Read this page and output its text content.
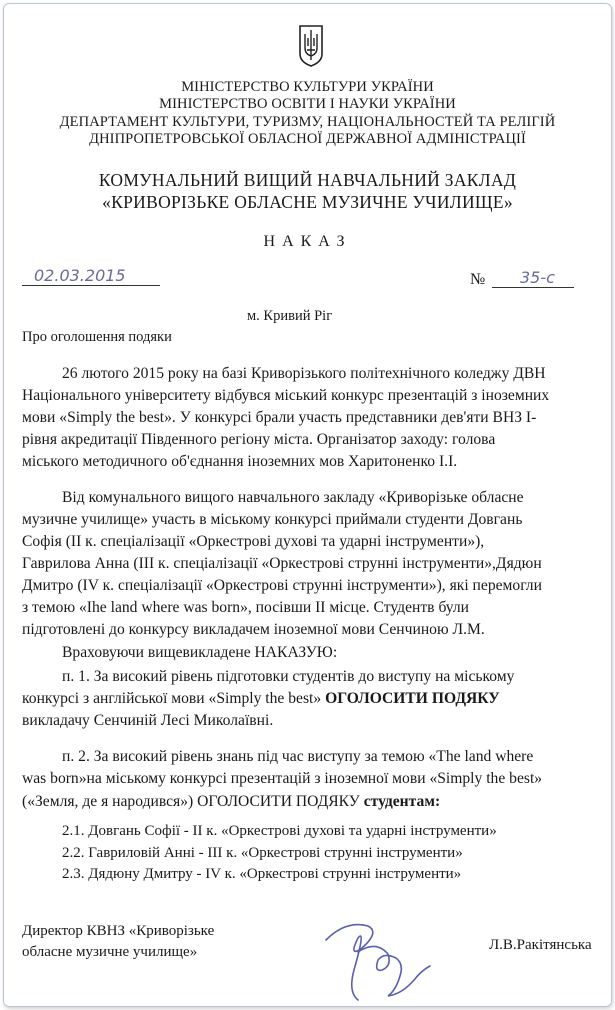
МІНІСТЕРСТВО КУЛЬТУРИ УКРАЇНИ
МІНІСТЕРСТВО ОСВІТИ І НАУКИ УКРАЇНИ
ДЕПАРТАМЕНТ КУЛЬТУРИ, ТУРИЗМУ, НАЦІОНАЛЬНОСТЕЙ ТА РЕЛІГІЙ
ДНІПРОПЕТРОВСЬКОЇ ОБЛАСНОЇ ДЕРЖАВНОЇ АДМІНІСТРАЦІЇ
КОМУНАЛЬНИЙ ВИЩИЙ НАВЧАЛЬНИЙ ЗАКЛАД
«КРИВОРІЗЬКЕ ОБЛАСНЕ МУЗИЧНЕ УЧИЛИЩЕ»
НАКАЗ
02.03.2015	№ 35-с
м. Кривий Ріг
Про оголошення подяки
26 лютого 2015 року на базі Криворізького політехнічного коледжу ДВН
Національного університету відбувся міський конкурс презентацій з іноземних
мови «Simply the best». У конкурсі брали участь представники дев'яти ВНЗ І-
рівня акредитації Південного регіону міста. Організатор заходу: голова
міського методичного об'єднання іноземних мов Харитоненко І.І.
Від комунального вищого навчального закладу «Криворізьке обласне
музичне училище» участь в міському конкурсі приймали студенти Довгань
Софія (ІІ к. спеціалізації «Оркестрові духові та ударні інструменти»),
Гаврилова Анна (ІІІ к. спеціалізації «Оркестрові струнні інструменти»,Дядюн
Дмитро (IV к. спеціалізації «Оркестрові струнні інструменти»), які перемогли
з темою «Ihe land where was born», посівши ІІ місце. Студентв були
підготовлені до конкурсу викладачем іноземної мови Сенчиною Л.М.
Враховуючи вищевикладене НАКАЗУЮ:
п. 1. За високий рівень підготовки студентів до виступу на міському
конкурсі з англійської мови «Simply the best» ОГОЛОСИТИ ПОДЯКУ
викладачу Сенчиній Лесі Миколаївні.
п. 2. За високий рівень знань під час виступу за темою «The land where
was born»на міському конкурсі презентацій з іноземної мови «Simply the best»
(«Земля, де я народився») ОГОЛОСИТИ ПОДЯКУ студентам:
2.1. Довгань Софії - ІІ к. «Оркестрові духові та ударні інструменти»
2.2. Гавриловій Анні - ІІІ к. «Оркестрові струнні інструменти»
2.3. Дядюну Дмитру - IV к. «Оркестрові струнні інструменти»
Директор КВНЗ «Криворізьке
обласне музичне училище»	Л.В.Ракітянська
